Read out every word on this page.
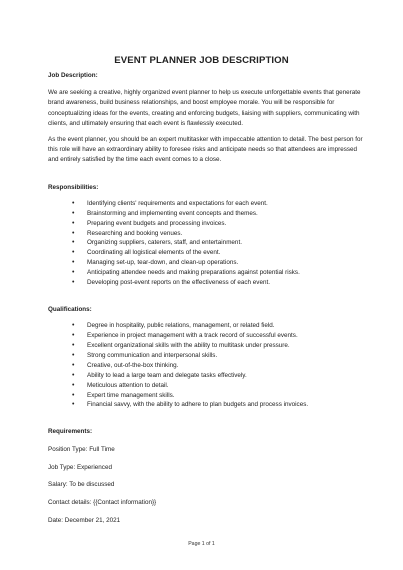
EVENT PLANNER JOB DESCRIPTION

Job Description:

We are seeking a creative, highly organized event planner to help us execute unforgettable events that generate brand awareness, build business relationships, and boost employee morale. You will be responsible for conceptualizing ideas for the events, creating and enforcing budgets, liaising with suppliers, communicating with clients, and ultimately ensuring that each event is flawlessly executed.

As the event planner, you should be an expert multitasker with impeccable attention to detail. The best person for this role will have an extraordinary ability to foresee risks and anticipate needs so that attendees are impressed and entirely satisfied by the time each event comes to a close.

Responsibilities:

• Identifying clients' requirements and expectations for each event.
• Brainstorming and implementing event concepts and themes.
• Preparing event budgets and processing invoices.
• Researching and booking venues.
• Organizing suppliers, caterers, staff, and entertainment.
• Coordinating all logistical elements of the event.
• Managing set-up, tear-down, and clean-up operations.
• Anticipating attendee needs and making preparations against potential risks.
• Developing post-event reports on the effectiveness of each event.

Qualifications:

• Degree in hospitality, public relations, management, or related field.
• Experience in project management with a track record of successful events.
• Excellent organizational skills with the ability to multitask under pressure.
• Strong communication and interpersonal skills.
• Creative, out-of-the-box thinking.
• Ability to lead a large team and delegate tasks effectively.
• Meticulous attention to detail.
• Expert time management skills.
• Financial savvy, with the ability to adhere to plan budgets and process invoices.

Requirements:

Position Type: Full Time

Job Type: Experienced

Salary: To be discussed

Contact details: {{Contact information}}

Date: December 21, 2021

Page 1 of 1
